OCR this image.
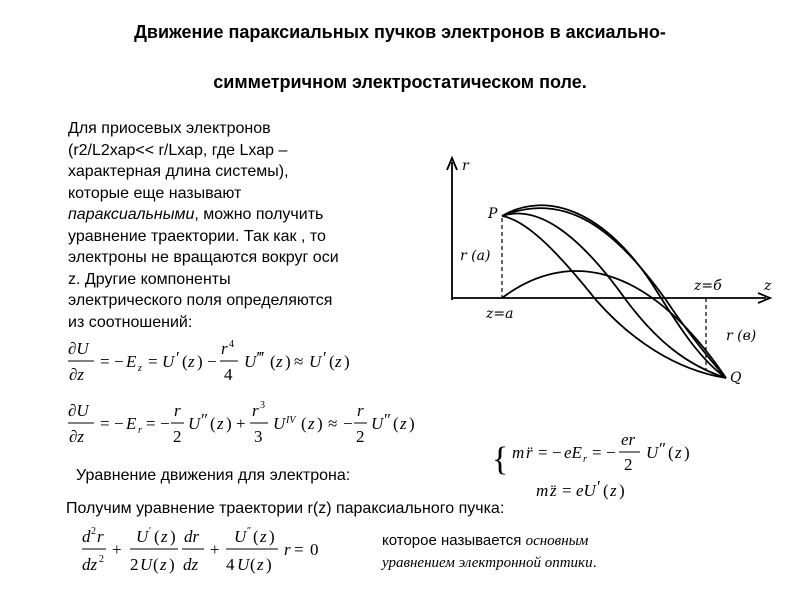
Движение параксиальных пучков электронов в аксиально-
симметричном электростатическом поле.
Для приосевых электронов
(r2/L2хар<< r/Lхар, где Lхар –
характерная длина системы),
которые еще называют
параксиальными, можно получить
уравнение траектории. Так как , то
электроны не вращаются вокруг оси
z. Другие компоненты
электрического поля определяются
из соотношений:
∂U
∂z
= − E z = U ′ ( z ) −
r 4
4
U ‴ ( z ) ≈ U ′ ( z )
∂U
∂z
= − E r = −
r
2
U ″ ( z ) +
r 3
3
U IV ( z ) ≈ −
r
2
U ″ ( z )
r
z
P
Q
r (a)
z=a
z=б
r (в)
Уравнение движения для электрона:	{ m r̈ = − eE r = −
er
2
U ″ ( z )
m z̈ = eU ′ ( z )
Получим уравнение траектории r(z) параксиального пучка:
d 2 r
dz 2
+
U ′ ( z )
2 U ( z )
dr
dz
+
U ″ ( z )
4 U ( z )
r = 0	которое называется основным
уравнением электронной оптики.
